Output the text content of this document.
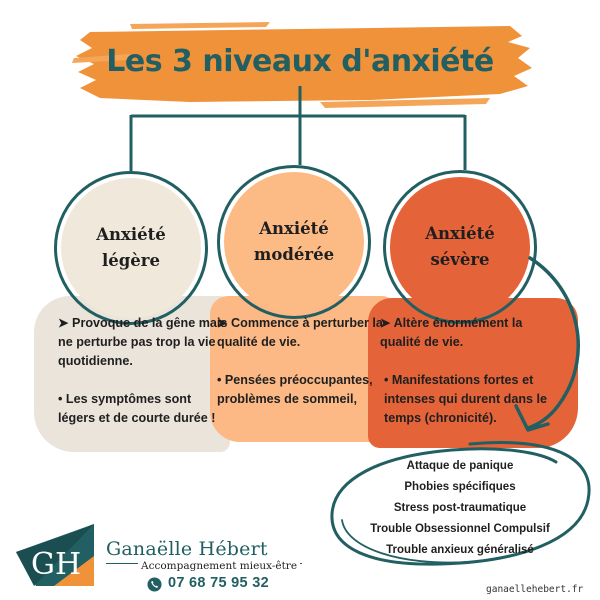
Les 3 niveaux d'anxiété
Anxiété
légère
Anxiété
modérée
Anxiété
sévère

➤ Provoque de la gêne mais ne perturbe pas trop la vie quotidienne.

• Les symptômes sont légers et de courte durée !

➤ Commence à perturber la qualité de vie.

• Pensées préoccupantes, problèmes de sommeil,

➤ Altère énormément la qualité de vie.

• Manifestations fortes et intenses qui durent dans le temps (chronicité).

Attaque de panique
Phobies spécifiques
Stress post-traumatique
Trouble Obsessionnel Compulsif
Trouble anxieux généralisé
GH Ganaëlle Hébert
Accompagnement mieux-être
07 68 75 95 32	ganaellehebert.fr
